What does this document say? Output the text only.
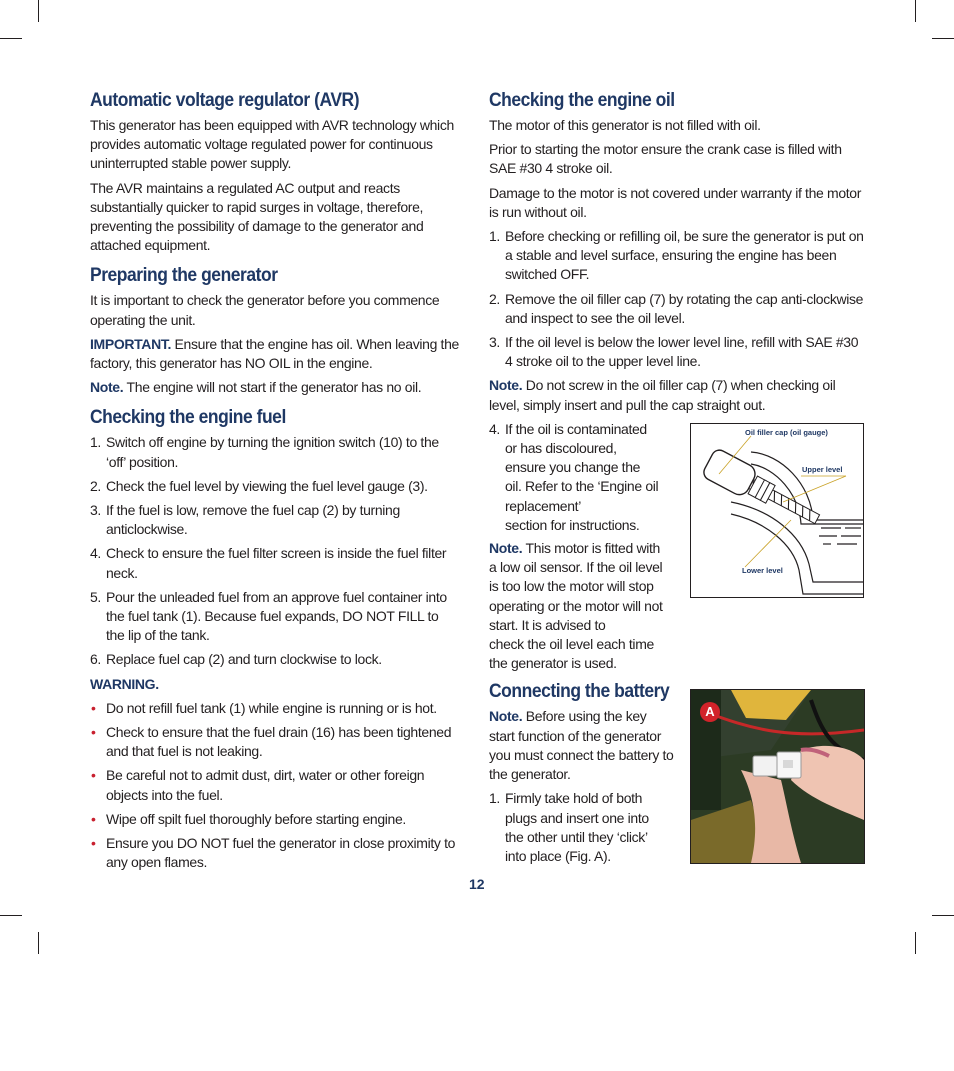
Automatic voltage regulator (AVR)

This generator has been equipped with AVR technology which provides automatic voltage regulated power for continuous uninterrupted stable power supply.

The AVR maintains a regulated AC output and reacts substantially quicker to rapid surges in voltage, therefore, preventing the possibility of damage to the generator and attached equipment.

Preparing the generator

It is important to check the generator before you commence operating the unit.

IMPORTANT. Ensure that the engine has oil. When leaving the factory, this generator has NO OIL in the engine.

Note. The engine will not start if the generator has no oil.

Checking the engine fuel
1. Switch off engine by turning the ignition switch (10) to the ‘off’ position.
2. Check the fuel level by viewing the fuel level gauge (3).
3. If the fuel is low, remove the fuel cap (2) by turning anticlockwise.
4. Check to ensure the fuel filter screen is inside the fuel filter neck.
5. Pour the unleaded fuel from an approve fuel container into the fuel tank (1). Because fuel expands, DO NOT FILL to the lip of the tank.
6. Replace fuel cap (2) and turn clockwise to lock.

WARNING.

• Do not refill fuel tank (1) while engine is running or is hot.
• Check to ensure that the fuel drain (16) has been tightened and that fuel is not leaking.
• Be careful not to admit dust, dirt, water or other foreign objects into the fuel.
• Wipe off spilt fuel thoroughly before starting engine.
• Ensure you DO NOT fuel the generator in close proximity to any open flames.
Checking the engine oil

The motor of this generator is not filled with oil.

Prior to starting the motor ensure the crank case is filled with SAE #30 4 stroke oil.

Damage to the motor is not covered under warranty if the motor is run without oil.

1. Before checking or refilling oil, be sure the generator is put on a stable and level surface, ensuring the engine has been switched OFF.
2. Remove the oil filler cap (7) by rotating the cap anti-clockwise and inspect to see the oil level.
3. If the oil level is below the lower level line, refill with SAE #30 4 stroke oil to the upper level line.

Note. Do not screw in the oil filler cap (7) when checking oil level, simply insert and pull the cap straight out.

4. If the oil is contaminated
or has discoloured,
ensure you change the
oil. Refer to the ‘Engine oil
replacement’
section for instructions.
Note. This motor is fitted with
a low oil sensor. If the oil level
is too low the motor will stop
operating or the motor will not
start. It is advised to
check the oil level each time
the generator is used.
Connecting the battery
Note. Before using the key
start function of the generator
you must connect the battery to
the generator.
1. Firmly take hold of both
plugs and insert one into
the other until they ‘click’
into place (Fig. A).
Oil filler cap (oil gauge)
Upper level
Lower level
A
12
